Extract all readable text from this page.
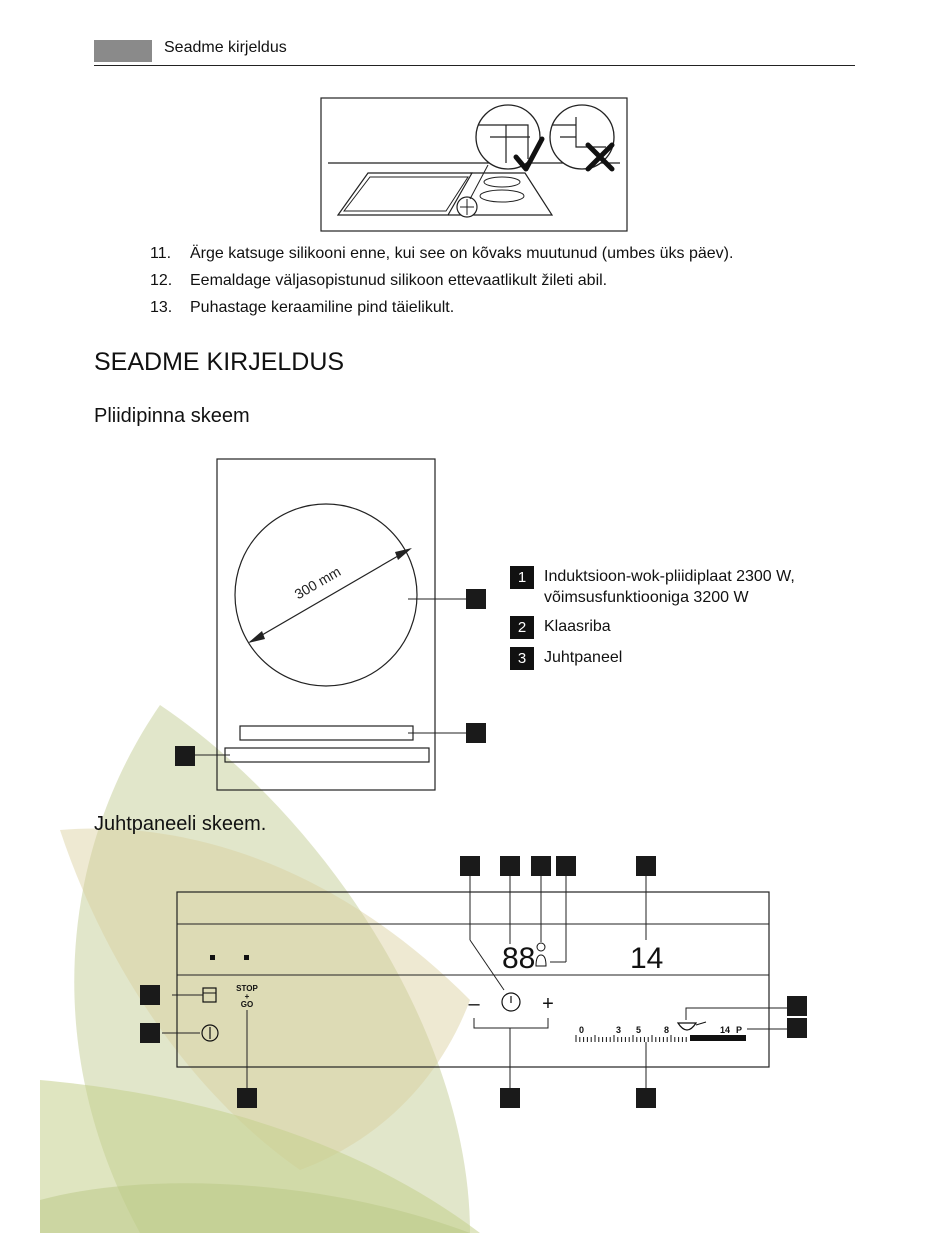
Seadme kirjeldus
11.	Ärge katsuge silikooni enne, kui see on kõvaks muutunud (umbes üks päev).
12.	Eemaldage väljasopistunud silikoon ettevaatlikult žileti abil.
13.	Puhastage keraamiline pind täielikult.
SEADME KIRJELDUS
Pliidipinna skeem
300 mm	1	Induktsioon-wok-pliidiplaat 2300 W,
võimsusfunktiooniga 3200 W
2	Klaasriba
3	Juhtpaneel
Juhtpaneeli skeem.
88	14
STOP
+
GO	–	+
0	3 5	8	14 P
